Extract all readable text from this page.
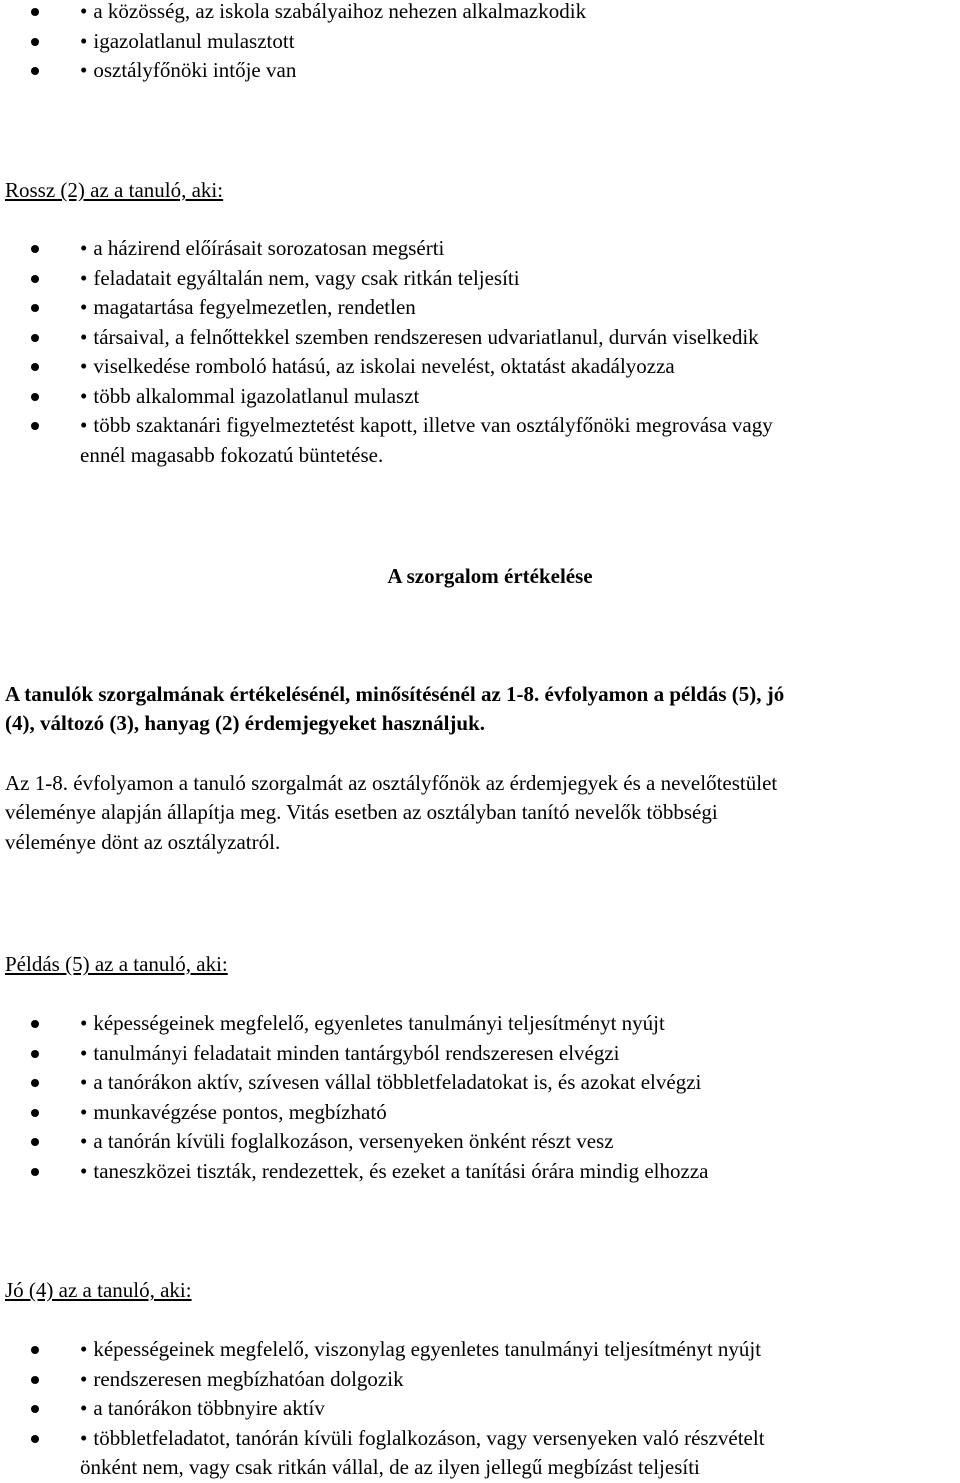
• a közösség, az iskola szabályaihoz nehezen alkalmazkodik
• igazolatlanul mulasztott
• osztályfőnöki intője van
Rossz (2) az a tanuló, aki:
• a házirend előírásait sorozatosan megsérti
• feladatait egyáltalán nem, vagy csak ritkán teljesíti
• magatartása fegyelmezetlen, rendetlen
• társaival, a felnőttekkel szemben rendszeresen udvariatlanul, durván viselkedik
• viselkedése romboló hatású, az iskolai nevelést, oktatást akadályozza
• több alkalommal igazolatlanul mulaszt
• több szaktanári figyelmeztetést kapott, illetve van osztályfőnöki megrovása vagy
ennél magasabb fokozatú büntetése.
A szorgalom értékelése
A tanulók szorgalmának értékelésénél, minősítésénél az 1-8. évfolyamon a példás (5), jó
(4), változó (3), hanyag (2) érdemjegyeket használjuk.
Az 1-8. évfolyamon a tanuló szorgalmát az osztályfőnök az érdemjegyek és a nevelőtestület
véleménye alapján állapítja meg. Vitás esetben az osztályban tanító nevelők többségi
véleménye dönt az osztályzatról.
Példás (5) az a tanuló, aki:
• képességeinek megfelelő, egyenletes tanulmányi teljesítményt nyújt
• tanulmányi feladatait minden tantárgyból rendszeresen elvégzi
• a tanórákon aktív, szívesen vállal többletfeladatokat is, és azokat elvégzi
• munkavégzése pontos, megbízható
• a tanórán kívüli foglalkozáson, versenyeken önként részt vesz
• taneszközei tiszták, rendezettek, és ezeket a tanítási órára mindig elhozza
Jó (4) az a tanuló, aki:
• képességeinek megfelelő, viszonylag egyenletes tanulmányi teljesítményt nyújt
• rendszeresen megbízhatóan dolgozik
• a tanórákon többnyire aktív
• többletfeladatot, tanórán kívüli foglalkozáson, vagy versenyeken való részvételt
önként nem, vagy csak ritkán vállal, de az ilyen jellegű megbízást teljesíti
